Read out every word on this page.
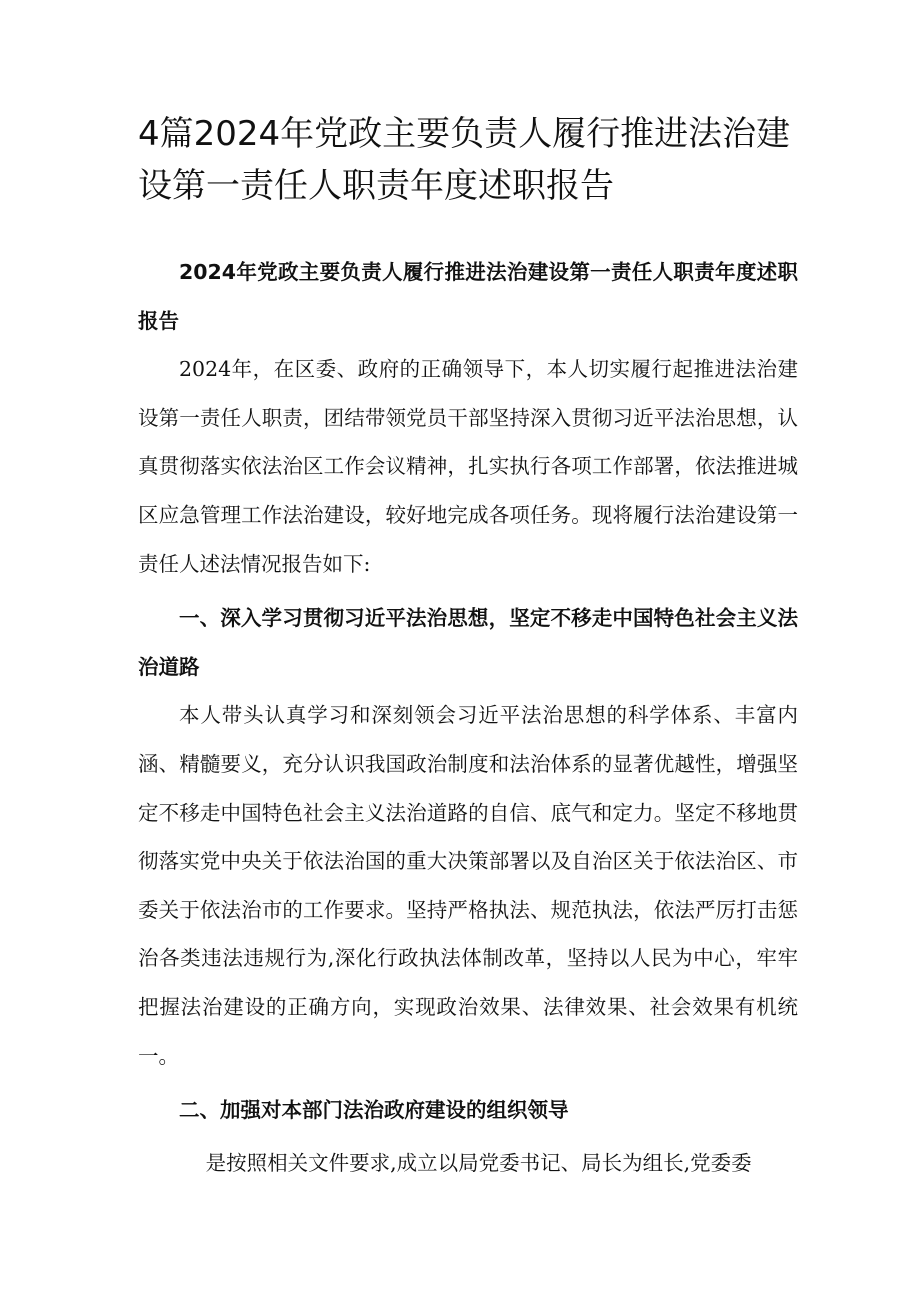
4篇2024年党政主要负责人履行推进法治建设第一责任人职责年度述职报告

2024年党政主要负责人履行推进法治建设第一责任人职责年度述职报告

2024年，在区委、政府的正确领导下，本人切实履行起推进法治建设第一责任人职责，团结带领党员干部坚持深入贯彻习近平法治思想，认真贯彻落实依法治区工作会议精神，扎实执行各项工作部署，依法推进城区应急管理工作法治建设，较好地完成各项任务。现将履行法治建设第一责任人述法情况报告如下:

一、深入学习贯彻习近平法治思想，坚定不移走中国特色社会主义法治道路

本人带头认真学习和深刻领会习近平法治思想的科学体系、丰富内涵、精髓要义，充分认识我国政治制度和法治体系的显著优越性，增强坚定不移走中国特色社会主义法治道路的自信、底气和定力。坚定不移地贯彻落实党中央关于依法治国的重大决策部署以及自治区关于依法治区、市委关于依法治市的工作要求。坚持严格执法、规范执法，依法严厉打击惩治各类违法违规行为,深化行政执法体制改革，坚持以人民为中心，牢牢把握法治建设的正确方向，实现政治效果、法律效果、社会效果有机统一。

二、加强对本部门法治政府建设的组织领导

是按照相关文件要求,成立以局党委书记、局长为组长,党委委
